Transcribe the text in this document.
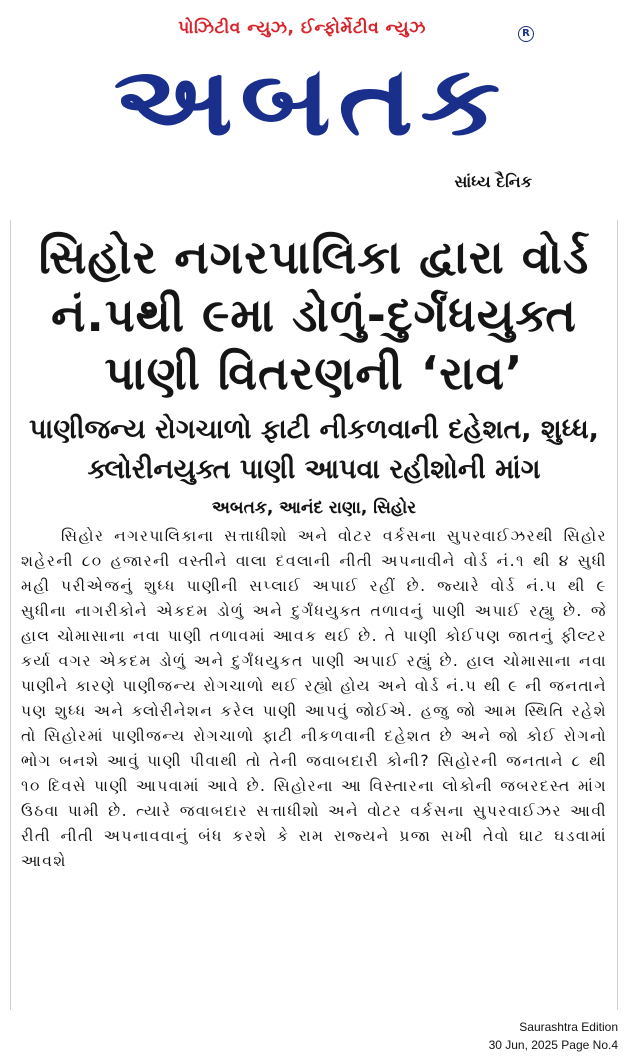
પોઝિટીવ ન્યુઝ, ઈન્ફોર્મેટીવ ન્યુઝ	R
અબતક
સાંધ્ય દૈનિક
સિહોર નગરપાલિકા દ્વારા વોર્ડ નં.પથી ૯મા ડોળું-દુર્ગંધયુક્ત પાણી વિતરણની ‘રાવ’
પાણીજન્ય રોગચાળો ફાટી નીકળવાની દહેશત, શુધ્ધ, ક્લોરીનયુક્ત પાણી આપવા રહીશોની માંગ
અબતક, આનંદ રાણા, સિહોર
સિહોર નગરપાલિકાના સત્તાધીશો અને વોટર વર્કસના સુપરવાઈઝરથી સિહોર શહેરની ૮૦ હજારની વસ્તીને વાલા દવલાની નીતી અપનાવીને વોર્ડ નં.૧ થી ૪ સુધી મહી પરીએજનું શુધ્ધ પાણીની સપ્લાઈ અપાઈ રહીં છે. જ્યારે વોર્ડ નં.૫ થી ૯ સુધીના નાગરીકોને એકદમ ડોળું અને દુર્ગંધયુક્ત તળાવનું પાણી અપાઈ રહ્યુ છે. જે હાલ ચોમાસાના નવા પાણી તળાવમાં આવક થઈ છે. તે પાણી કોઈપણ જાતનું ફીલ્ટર કર્યા વગર એકદમ ડોળું અને દુર્ગંધયુકત પાણી અપાઈ રહ્યું છે. હાલ ચોમાસાના નવા પાણીને કારણે પાણીજન્ય રોગચાળો થઈ રહ્યો હોય અને વોર્ડ નં.૫ થી ૯ ની જનતાને પણ શુધ્ધ અને ક્લોરીનેશન કરેલ પાણી આપવું જોઈએ. હજુ જો આમ સ્થિતિ રહેશે તો સિહોરમાં પાણીજન્ય રોગચાળો ફાટી નીકળવાની દહેશત છે અને જો કોઈ રોગનો ભોગ બનશે આવું પાણી પીવાથી તો તેની જવાબદારી કોની? સિહોરની જનતાને ૮ થી ૧૦ દિવસે પાણી આપવામાં આવે છે. સિહોરના આ વિસ્તારના લોકોની જબરદસ્ત માંગ ઉઠવા પામી છે. ત્યારે જવાબદાર સત્તાધીશો અને વોટર વર્કસના સુપરવાઈઝર આવી રીતી નીતી અપનાવવાનું બંધ કરશે કે રામ રાજ્યને પ્રજા સખી તેવો ઘાટ ઘડવામાં આવશે
Saurashtra Edition
30 Jun, 2025 Page No.4
